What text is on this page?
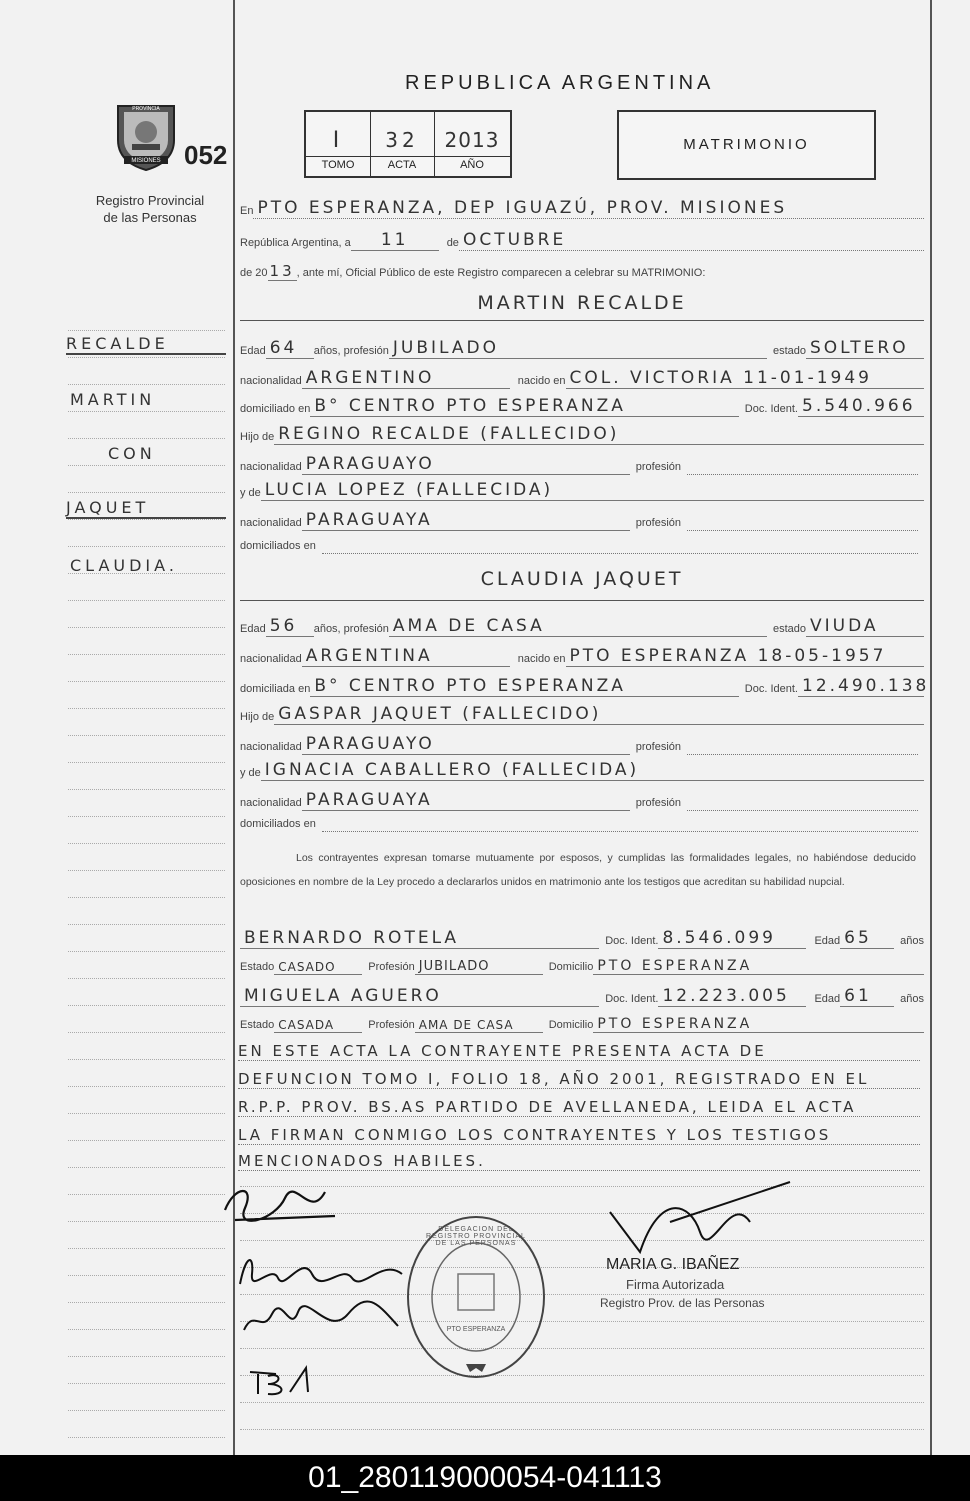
PROVINCIA
MISIONES 052
Registro Provincial de las Personas
RECALDE
MARTIN
CON
JAQUET
CLAUDIA.
REPUBLICA ARGENTINA
I	32	2013
TOMO	ACTA	AÑO
MATRIMONIO
En PTO ESPERANZA, DEP IGUAZÚ, PROV. MISIONES
República Argentina, a	11	de OCTUBRE
de 20 13 , ante mí, Oficial Público de este Registro comparecen a celebrar su MATRIMONIO:
MARTIN RECALDE
Edad 64	años, profesión JUBILADO	estado SOLTERO
nacionalidad ARGENTINO	nacido en COL. VICTORIA 11-01-1949
domiciliado en B° CENTRO PTO ESPERANZA	Doc. Ident. 5.540.966
Hijo de REGINO RECALDE (FALLECIDO)
nacionalidad PARAGUAYO	profesión
y de LUCIA LOPEZ (FALLECIDA)
nacionalidad PARAGUAYA	profesión
domiciliados en
CLAUDIA JAQUET
Edad 56	años, profesión AMA DE CASA	estado VIUDA
nacionalidad ARGENTINA	nacido en PTO ESPERANZA 18-05-1957
domiciliada en B° CENTRO PTO ESPERANZA	Doc. Ident. 12.490.138
Hijo de GASPAR JAQUET (FALLECIDO)
nacionalidad PARAGUAYO	profesión
y de IGNACIA CABALLERO (FALLECIDA)
nacionalidad PARAGUAYA	profesión
domiciliados en
Los contrayentes expresan tomarse mutuamente por esposos, y cumplidas las formalidades legales, no habiéndose deducido oposiciones en nombre de la Ley procedo a declararlos unidos en matrimonio ante los testigos que acreditan su habilidad nupcial.
BERNARDO ROTELA	Doc. Ident. 8.546.099	Edad 65	años
Estado CASADO	Profesión JUBILADO	Domicilio PTO ESPERANZA
MIGUELA AGUERO	Doc. Ident. 12.223.005	Edad 61	años
Estado CASADA	Profesión AMA DE CASA	Domicilio PTO ESPERANZA
EN ESTE ACTA LA CONTRAYENTE PRESENTA ACTA DE
DEFUNCION TOMO I, FOLIO 18, AÑO 2001, REGISTRADO EN EL
R.P.P. PROV. BS.AS PARTIDO DE AVELLANEDA, LEIDA EL ACTA
LA FIRMAN CONMIGO LOS CONTRAYENTES Y LOS TESTIGOS
MENCIONADOS HABILES.
DELEGACION DEL REGISTRO PROVINCIAL DE LAS PERSONAS
PTO ESPERANZA
MARIA G. IBAÑEZ
Firma Autorizada
Registro Prov. de las Personas
01_280119000054-041113
